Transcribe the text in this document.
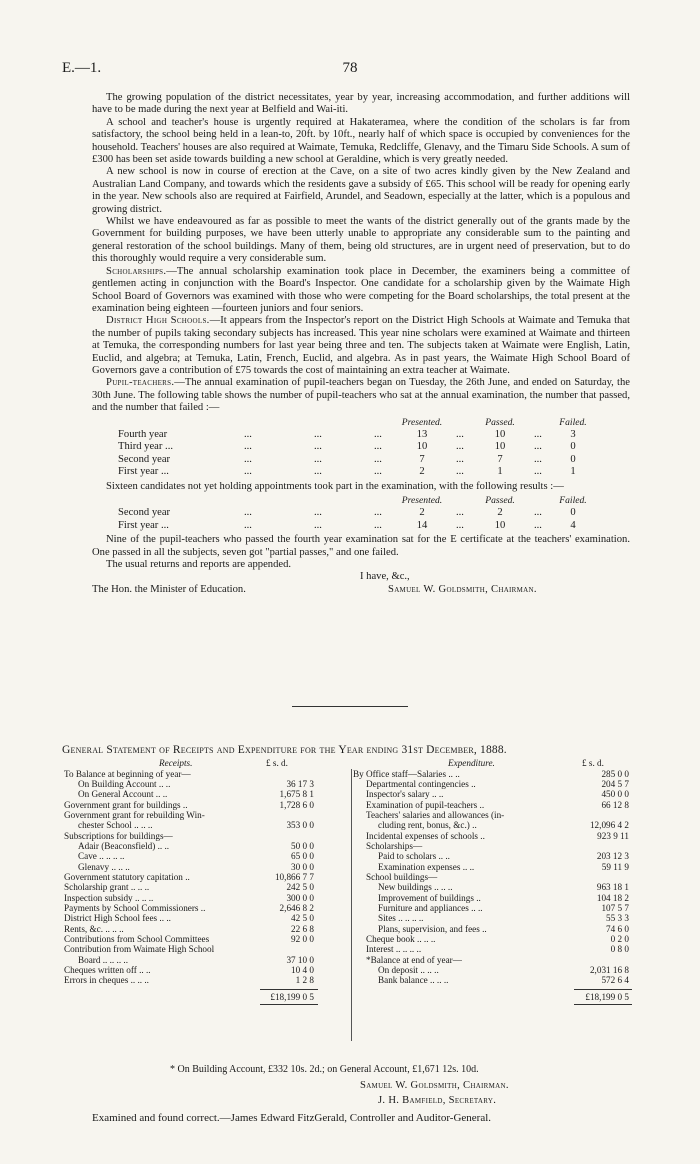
E.—1.	78

The growing population of the district necessitates, year by year, increasing accommodation, and further additions will have to be made during the next year at Belfield and Wai-iti.

A school and teacher's house is urgently required at Hakateramea, where the condition of the scholars is far from satisfactory, the school being held in a lean-to, 20ft. by 10ft., nearly half of which space is occupied by conveniences for the household. Teachers' houses are also required at Waimate, Temuka, Redcliffe, Glenavy, and the Timaru Side Schools. A sum of £300 has been set aside towards building a new school at Geraldine, which is very greatly needed.

A new school is now in course of erection at the Cave, on a site of two acres kindly given by the New Zealand and Australian Land Company, and towards which the residents gave a subsidy of £65. This school will be ready for opening early in the year. New schools also are required at Fairfield, Arundel, and Seadown, especially at the latter, which is a populous and growing district.

Whilst we have endeavoured as far as possible to meet the wants of the district generally out of the grants made by the Government for building purposes, we have been utterly unable to appropriate any considerable sum to the painting and general restoration of the school buildings. Many of them, being old structures, are in urgent need of preservation, but to do this thoroughly would require a very considerable sum.

Scholarships.—The annual scholarship examination took place in December, the examiners being a committee of gentlemen acting in conjunction with the Board's Inspector. One candidate for a scholarship given by the Waimate High School Board of Governors was examined with those who were competing for the Board scholarships, the total present at the examination being eighteen —fourteen juniors and four seniors.

District High Schools.—It appears from the Inspector's report on the District High Schools at Waimate and Temuka that the number of pupils taking secondary subjects has increased. This year nine scholars were examined at Waimate and thirteen at Temuka, the corresponding numbers for last year being three and ten. The subjects taken at Waimate were English, Latin, Euclid, and algebra; at Temuka, Latin, French, Euclid, and algebra. As in past years, the Waimate High School Board of Governors gave a contribution of £75 towards the cost of maintaining an extra teacher at Waimate.

Pupil-teachers.—The annual examination of pupil-teachers began on Tuesday, the 26th June, and ended on Saturday, the 30th June. The following table shows the number of pupil-teachers who sat at the annual examination, the number that passed, and the number that failed :—

Presented.	Passed.	Failed.
Fourth year	...	...	...	13	...	10	...	3
Third year ...	...	...	...	10	...	10	...	0
Second year	...	...	...	7	...	7	...	0
First year ...	...	...	...	2	...	1	...	1

Sixteen candidates not yet holding appointments took part in the examination, with the following results :—

Presented.	Passed.	Failed.
Second year	...	...	...	2	...	2	...	0
First year ...	...	...	...	14	...	10	...	4

Nine of the pupil-teachers who passed the fourth year examination sat for the E certificate at the teachers' examination. One passed in all the subjects, seven got "partial passes," and one failed.

The usual returns and reports are appended.

I have, &c.,
The Hon. the Minister of Education.	Samuel W. Goldsmith, Chairman.
General Statement of Receipts and Expenditure for the Year ending 31st December, 1888.
Receipts.	£ s. d.	Expenditure.	£ s. d.
To Balance at beginning of year—	By Office staff—Salaries .. ..	285 0 0
On Building Account .. ..	36 17 3	Departmental contingencies ..	204 5 7
On General Account .. ..	1,675 8 1	Inspector's salary .. ..	450 0 0
Government grant for buildings ..	1,728 6 0	Examination of pupil-teachers ..	66 12 8
Government grant for rebuilding Win-	Teachers' salaries and allowances (in-
chester School .. .. ..	353 0 0	cluding rent, bonus, &c.) ..	12,096 4 2
Subscriptions for buildings—	Incidental expenses of schools ..	923 9 11
Adair (Beaconsfield) .. ..	50 0 0	Scholarships—
Cave .. .. .. ..	65 0 0	Paid to scholars .. ..	203 12 3
Glenavy .. .. ..	30 0 0	Examination expenses .. ..	59 11 9
Government statutory capitation ..	10,866 7 7	School buildings—
Scholarship grant .. .. ..	242 5 0	New buildings .. .. ..	963 18 1
Inspection subsidy .. .. ..	300 0 0	Improvement of buildings ..	104 18 2
Payments by School Commissioners ..	2,646 8 2	Furniture and appliances .. ..	107 5 7
District High School fees .. ..	42 5 0	Sites .. .. .. ..	55 3 3
Rents, &c. .. .. ..	22 6 8	Plans, supervision, and fees ..	74 6 0
Contributions from School Committees	92 0 0	Cheque book .. .. ..	0 2 0
Contribution from Waimate High School	Interest .. .. .. ..	0 8 0
Board .. .. .. ..	37 10 0	*Balance at end of year—
Cheques written off .. ..	10 4 0	On deposit .. .. ..	2,031 16 8
Errors in cheques .. .. ..	1 2 8	Bank balance .. .. ..	572 6 4
£18,199 0 5	£18,199 0 5
* On Building Account, £332 10s. 2d.; on General Account, £1,671 12s. 10d.
Samuel W. Goldsmith, Chairman.
J. H. Bamfield, Secretary.
Examined and found correct.—James Edward FitzGerald, Controller and Auditor-General.
